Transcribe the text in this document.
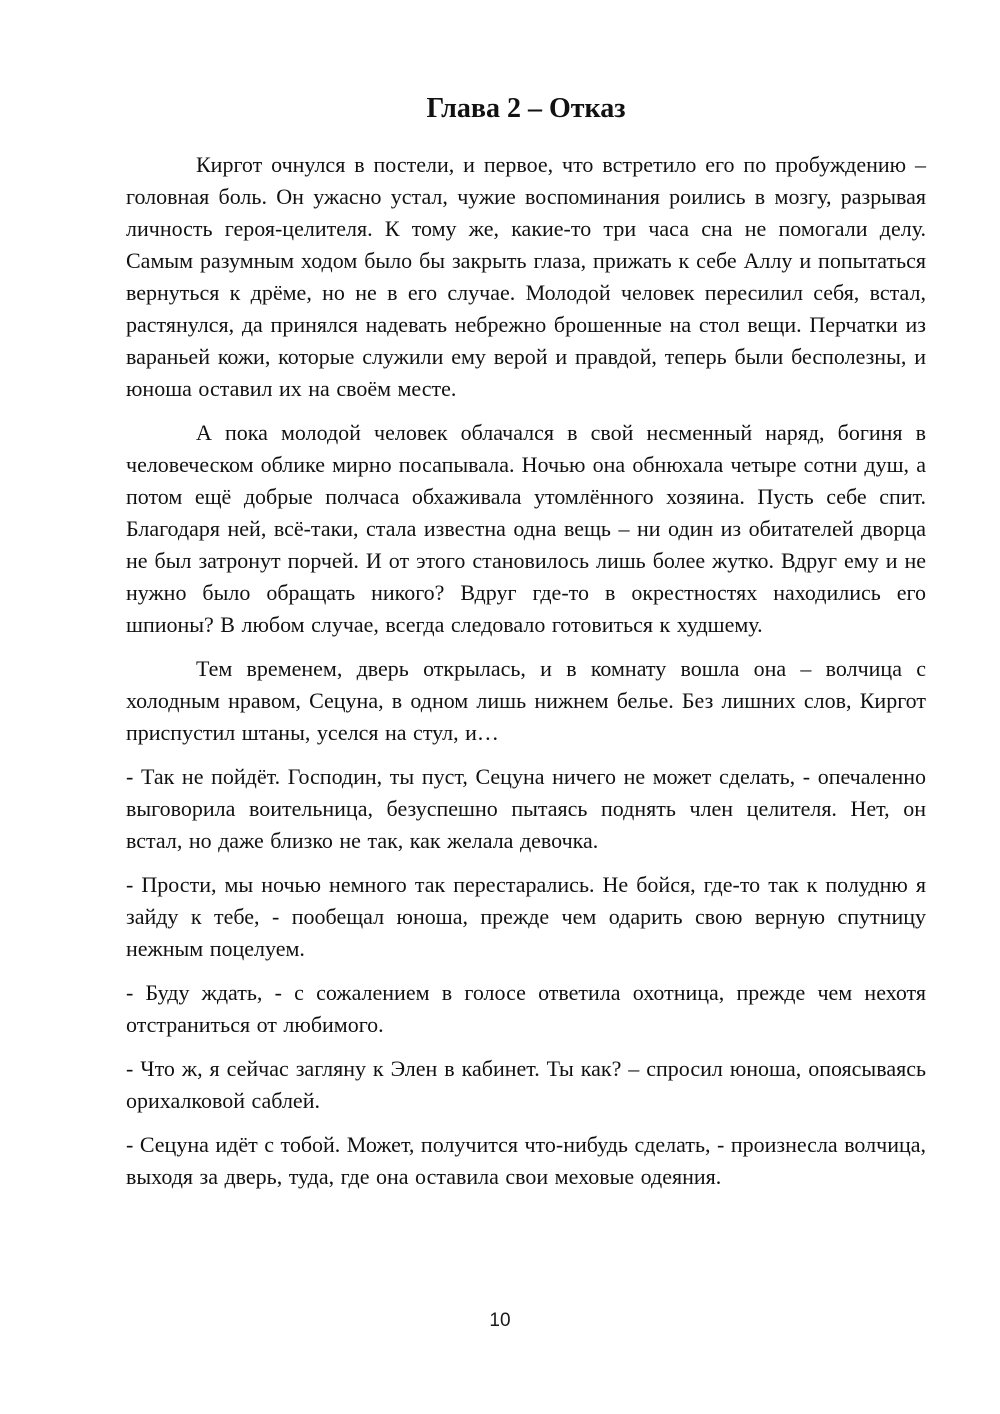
Глава 2 – Отказ

Киргот очнулся в постели, и первое, что встретило его по пробуждению – головная боль. Он ужасно устал, чужие воспоминания роились в мозгу, разрывая личность героя-целителя. К тому же, какие-то три часа сна не помогали делу. Самым разумным ходом было бы закрыть глаза, прижать к себе Аллу и попытаться вернуться к дрёме, но не в его случае. Молодой человек пересилил себя, встал, растянулся, да принялся надевать небрежно брошенные на стол вещи. Перчатки из вараньей кожи, которые служили ему верой и правдой, теперь были бесполезны, и юноша оставил их на своём месте.

А пока молодой человек облачался в свой несменный наряд, богиня в человеческом облике мирно посапывала. Ночью она обнюхала четыре сотни душ, а потом ещё добрые полчаса обхаживала утомлённого хозяина. Пусть себе спит. Благодаря ней, всё-таки, стала известна одна вещь – ни один из обитателей дворца не был затронут порчей. И от этого становилось лишь более жутко. Вдруг ему и не нужно было обращать никого? Вдруг где-то в окрестностях находились его шпионы? В любом случае, всегда следовало готовиться к худшему.

Тем временем, дверь открылась, и в комнату вошла она – волчица с холодным нравом, Сецуна, в одном лишь нижнем белье. Без лишних слов, Киргот приспустил штаны, уселся на стул, и…

- Так не пойдёт. Господин, ты пуст, Сецуна ничего не может сделать, - опечаленно выговорила воительница, безуспешно пытаясь поднять член целителя. Нет, он встал, но даже близко не так, как желала девочка.

- Прости, мы ночью немного так перестарались. Не бойся, где-то так к полудню я зайду к тебе, - пообещал юноша, прежде чем одарить свою верную спутницу нежным поцелуем.

- Буду ждать, - с сожалением в голосе ответила охотница, прежде чем нехотя отстраниться от любимого.

- Что ж, я сейчас загляну к Элен в кабинет. Ты как? – спросил юноша, опоясываясь орихалковой саблей.

- Сецуна идёт с тобой. Может, получится что-нибудь сделать, - произнесла волчица, выходя за дверь, туда, где она оставила свои меховые одеяния.

10
